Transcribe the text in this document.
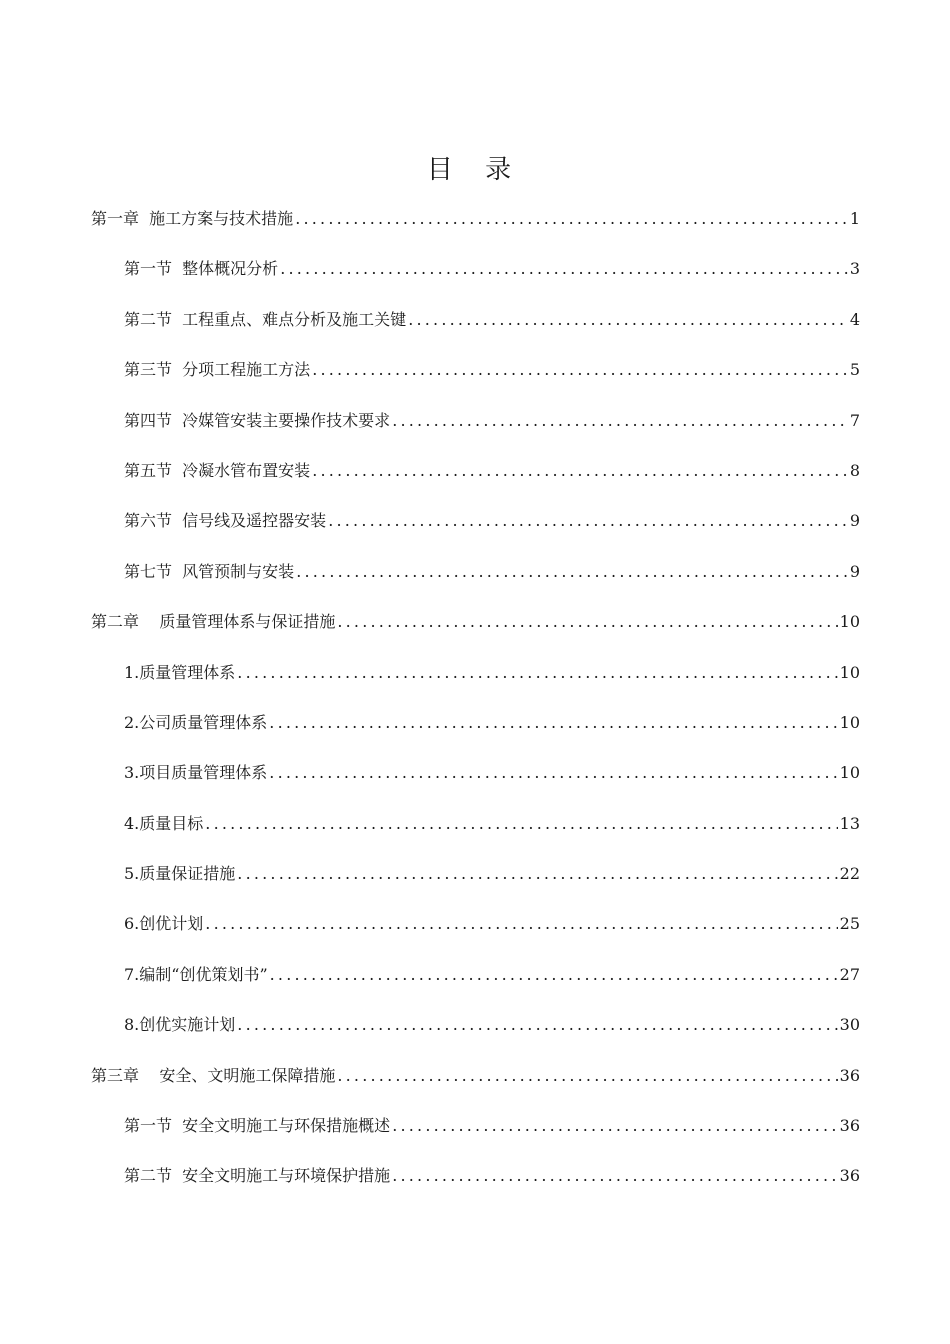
目 录
第一章  施工方案与技术措施 .....	1
第一节  整体概况分析 .....	3
第二节  工程重点、难点分析及施工关键 .....	4
第三节  分项工程施工方法 .....	5
第四节  冷媒管安装主要操作技术要求 .....	7
第五节  冷凝水管布置安装 .....	8
第六节  信号线及遥控器安装 .....	9
第七节  风管预制与安装 .....	9
第二章    质量管理体系与保证措施 .....	10
1.质量管理体系 .....	10
2.公司质量管理体系 .....	10
3.项目质量管理体系 .....	10
4.质量目标 .....	13
5.质量保证措施 .....	22
6.创优计划 .....	25
7.编制“创优策划书” .....	27
8.创优实施计划 .....	30
第三章    安全、文明施工保障措施 .....	36
第一节  安全文明施工与环保措施概述 .....	36
第二节  安全文明施工与环境保护措施 .....	36
